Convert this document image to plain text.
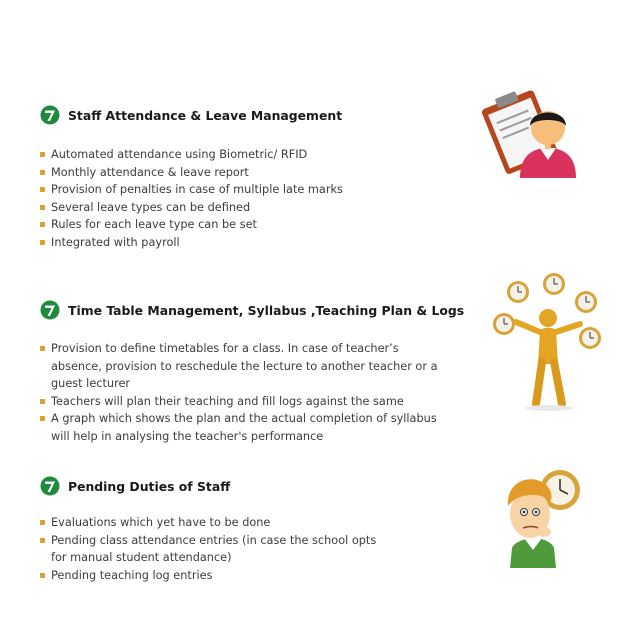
Staff Attendance & Leave Management
Automated attendance using Biometric/ RFID
Monthly attendance & leave report
Provision of penalties in case of multiple late marks
Several leave types can be defined
Rules for each leave type can be set
Integrated with payroll
Time Table Management, Syllabus ,Teaching Plan & Logs
Provision to define timetables for a class. In case of teacher’s absence, provision to reschedule the lecture to another teacher or a guest lecturer
Teachers will plan their teaching and fill logs against the same
A graph which shows the plan and the actual completion of syllabus will help in analysing the teacher's performance
Pending Duties of Staff
Evaluations which yet have to be done
Pending class attendance entries (in case the school opts for manual student attendance)
Pending teaching log entries
